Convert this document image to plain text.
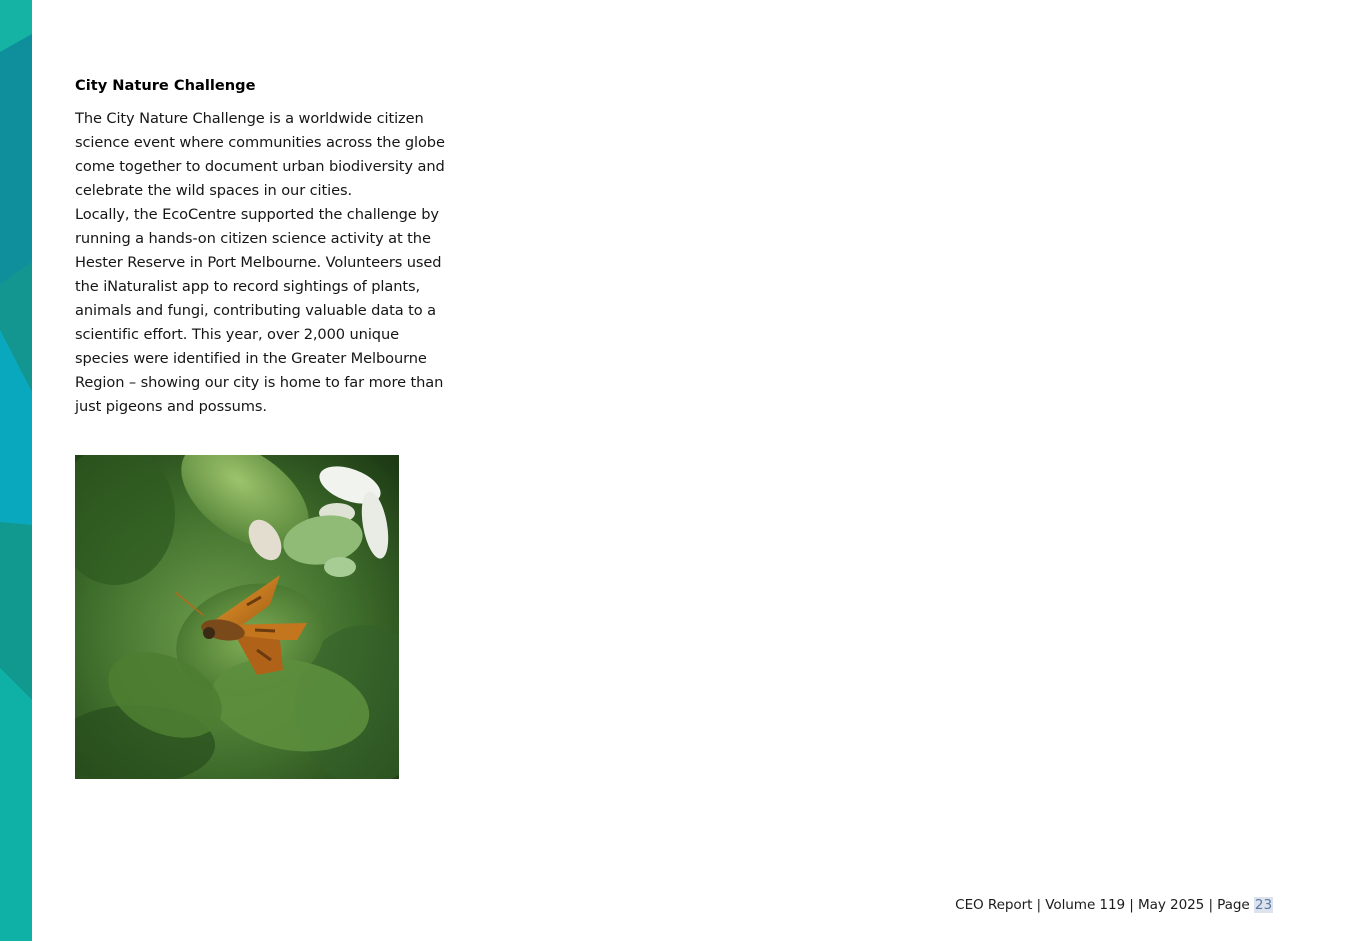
City Nature Challenge

The City Nature Challenge is a worldwide citizen science event where communities across the globe come together to document urban biodiversity and celebrate the wild spaces in our cities.

Locally, the EcoCentre supported the challenge by running a hands-on citizen science activity at the Hester Reserve in Port Melbourne. Volunteers used the iNaturalist app to record sightings of plants, animals and fungi, contributing valuable data to a scientific effort. This year, over 2,000 unique species were identified in the Greater Melbourne Region – showing our city is home to far more than just pigeons and possums.

CEO Report | Volume 119 | May 2025 | Page 23
